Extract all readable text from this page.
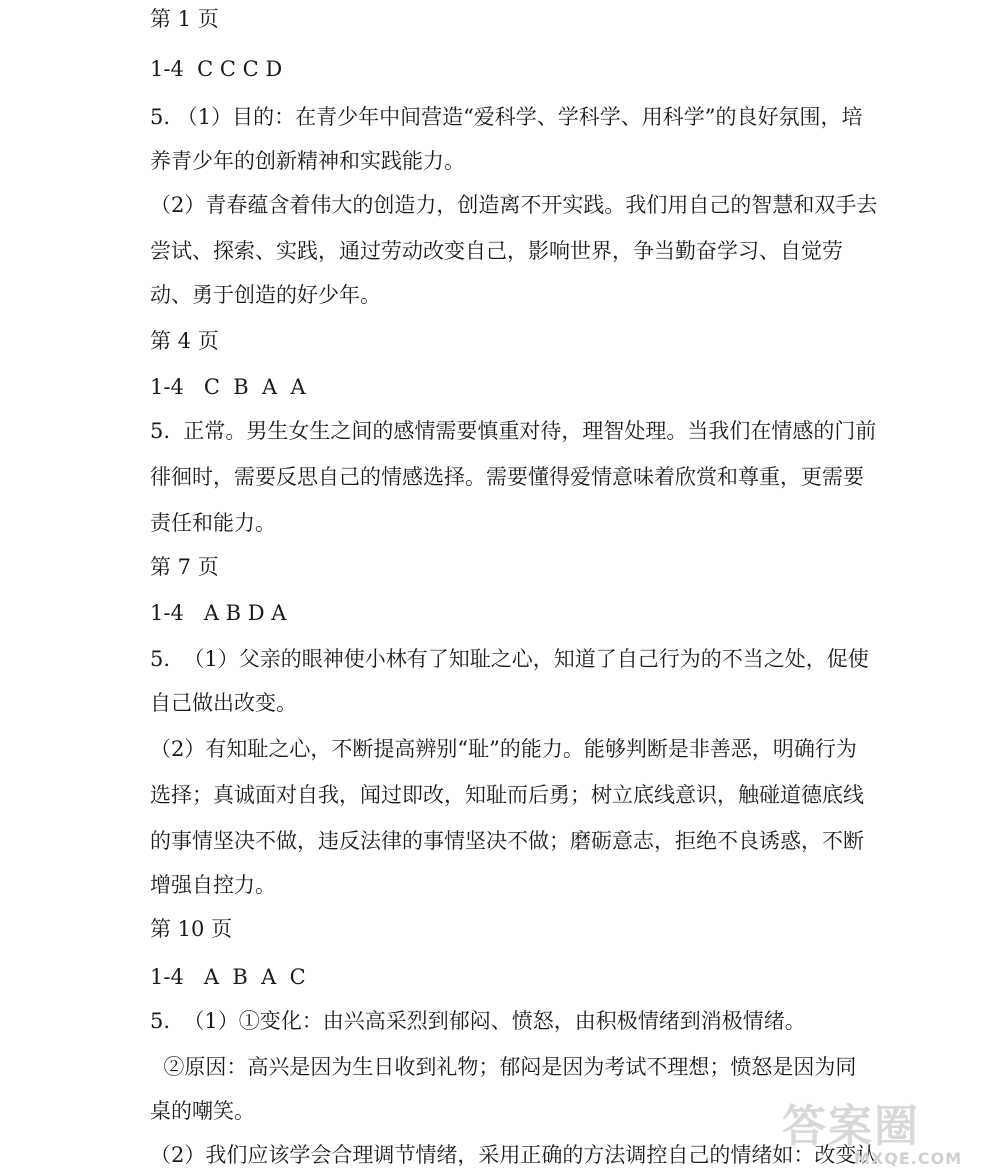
第 1 页
1-4  C C C D
5. （1）目的：在青少年中间营造“爱科学、学科学、用科学”的良好氛围，培
养青少年的创新精神和实践能力。
（2）青春蕴含着伟大的创造力，创造离不开实践。我们用自己的智慧和双手去
尝试、探索、实践，通过劳动改变自己，影响世界，争当勤奋学习、自觉劳
动、勇于创造的好少年。
第 4 页
1-4   C  B  A  A
5.  正常。男生女生之间的感情需要慎重对待，理智处理。当我们在情感的门前
徘徊时，需要反思自己的情感选择。需要懂得爱情意味着欣赏和尊重，更需要
责任和能力。
第 7 页
1-4   A B D A
5.  （1）父亲的眼神使小林有了知耻之心，知道了自己行为的不当之处，促使
自己做出改变。
（2）有知耻之心，不断提高辨别“耻”的能力。能够判断是非善恶，明确行为
选择；真诚面对自我，闻过即改，知耻而后勇；树立底线意识，触碰道德底线
的事情坚决不做，违反法律的事情坚决不做；磨砺意志，拒绝不良诱惑，不断
增强自控力。
第 10 页
1-4   A  B  A  C
5.  （1）①变化：由兴高采烈到郁闷、愤怒，由积极情绪到消极情绪。
②原因：高兴是因为生日收到礼物；郁闷是因为考试不理想；愤怒是因为同
桌的嘲笑。
（2）我们应该学会合理调节情绪，采用正确的方法调控自己的情绪如：改变认
答案圈
MXQE.COM
